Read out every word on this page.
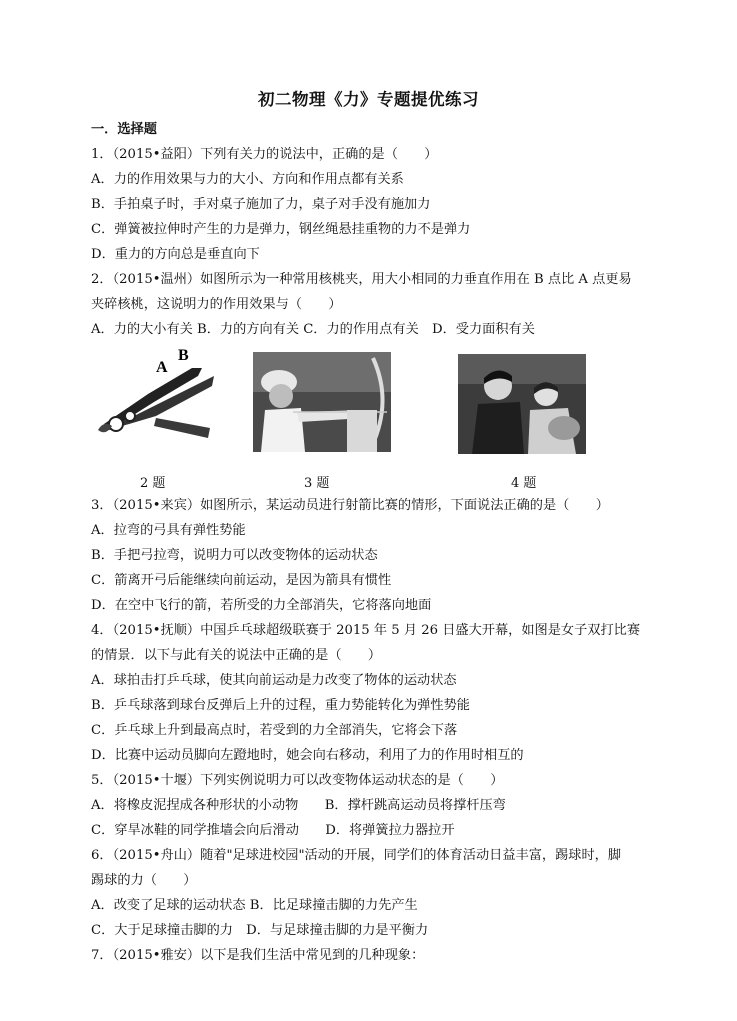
初二物理《力》专题提优练习
一．选择题
1．（2015•益阳）下列有关力的说法中，正确的是（　　）
A．力的作用效果与力的大小、方向和作用点都有关系
B．手拍桌子时，手对桌子施加了力，桌子对手没有施加力
C．弹簧被拉伸时产生的力是弹力，钢丝绳悬挂重物的力不是弹力
D．重力的方向总是垂直向下
2．（2015•温州）如图所示为一种常用核桃夹，用大小相同的力垂直作用在 B 点比 A 点更易
夹碎核桃，这说明力的作用效果与（　　）
A．力的大小有关 B．力的方向有关 C．力的作用点有关　D．受力面积有关
A
B
2 题	3 题	4 题
3．（2015•来宾）如图所示，某运动员进行射箭比赛的情形，下面说法正确的是（　　）
A．拉弯的弓具有弹性势能
B．手把弓拉弯，说明力可以改变物体的运动状态
C．箭离开弓后能继续向前运动，是因为箭具有惯性
D．在空中飞行的箭，若所受的力全部消失，它将落向地面
4．（2015•抚顺）中国乒乓球超级联赛于 2015 年 5 月 26 日盛大开幕，如图是女子双打比赛
的情景．以下与此有关的说法中正确的是（　　）
A．球拍击打乒乓球，使其向前运动是力改变了物体的运动状态
B．乒乓球落到球台反弹后上升的过程，重力势能转化为弹性势能
C．乒乓球上升到最高点时，若受到的力全部消失，它将会下落
D．比赛中运动员脚向左蹬地时，她会向右移动，利用了力的作用时相互的
5．（2015•十堰）下列实例说明力可以改变物体运动状态的是（　　）
A．将橡皮泥捏成各种形状的小动物　　B．撑杆跳高运动员将撑杆压弯
C．穿旱冰鞋的同学推墙会向后滑动　　D．将弹簧拉力器拉开
6．（2015•舟山）随着"足球进校园"活动的开展，同学们的体育活动日益丰富，踢球时，脚
踢球的力（　　）
A．改变了足球的运动状态 B．比足球撞击脚的力先产生
C．大于足球撞击脚的力　D．与足球撞击脚的力是平衡力
7．（2015•雅安）以下是我们生活中常见到的几种现象：
